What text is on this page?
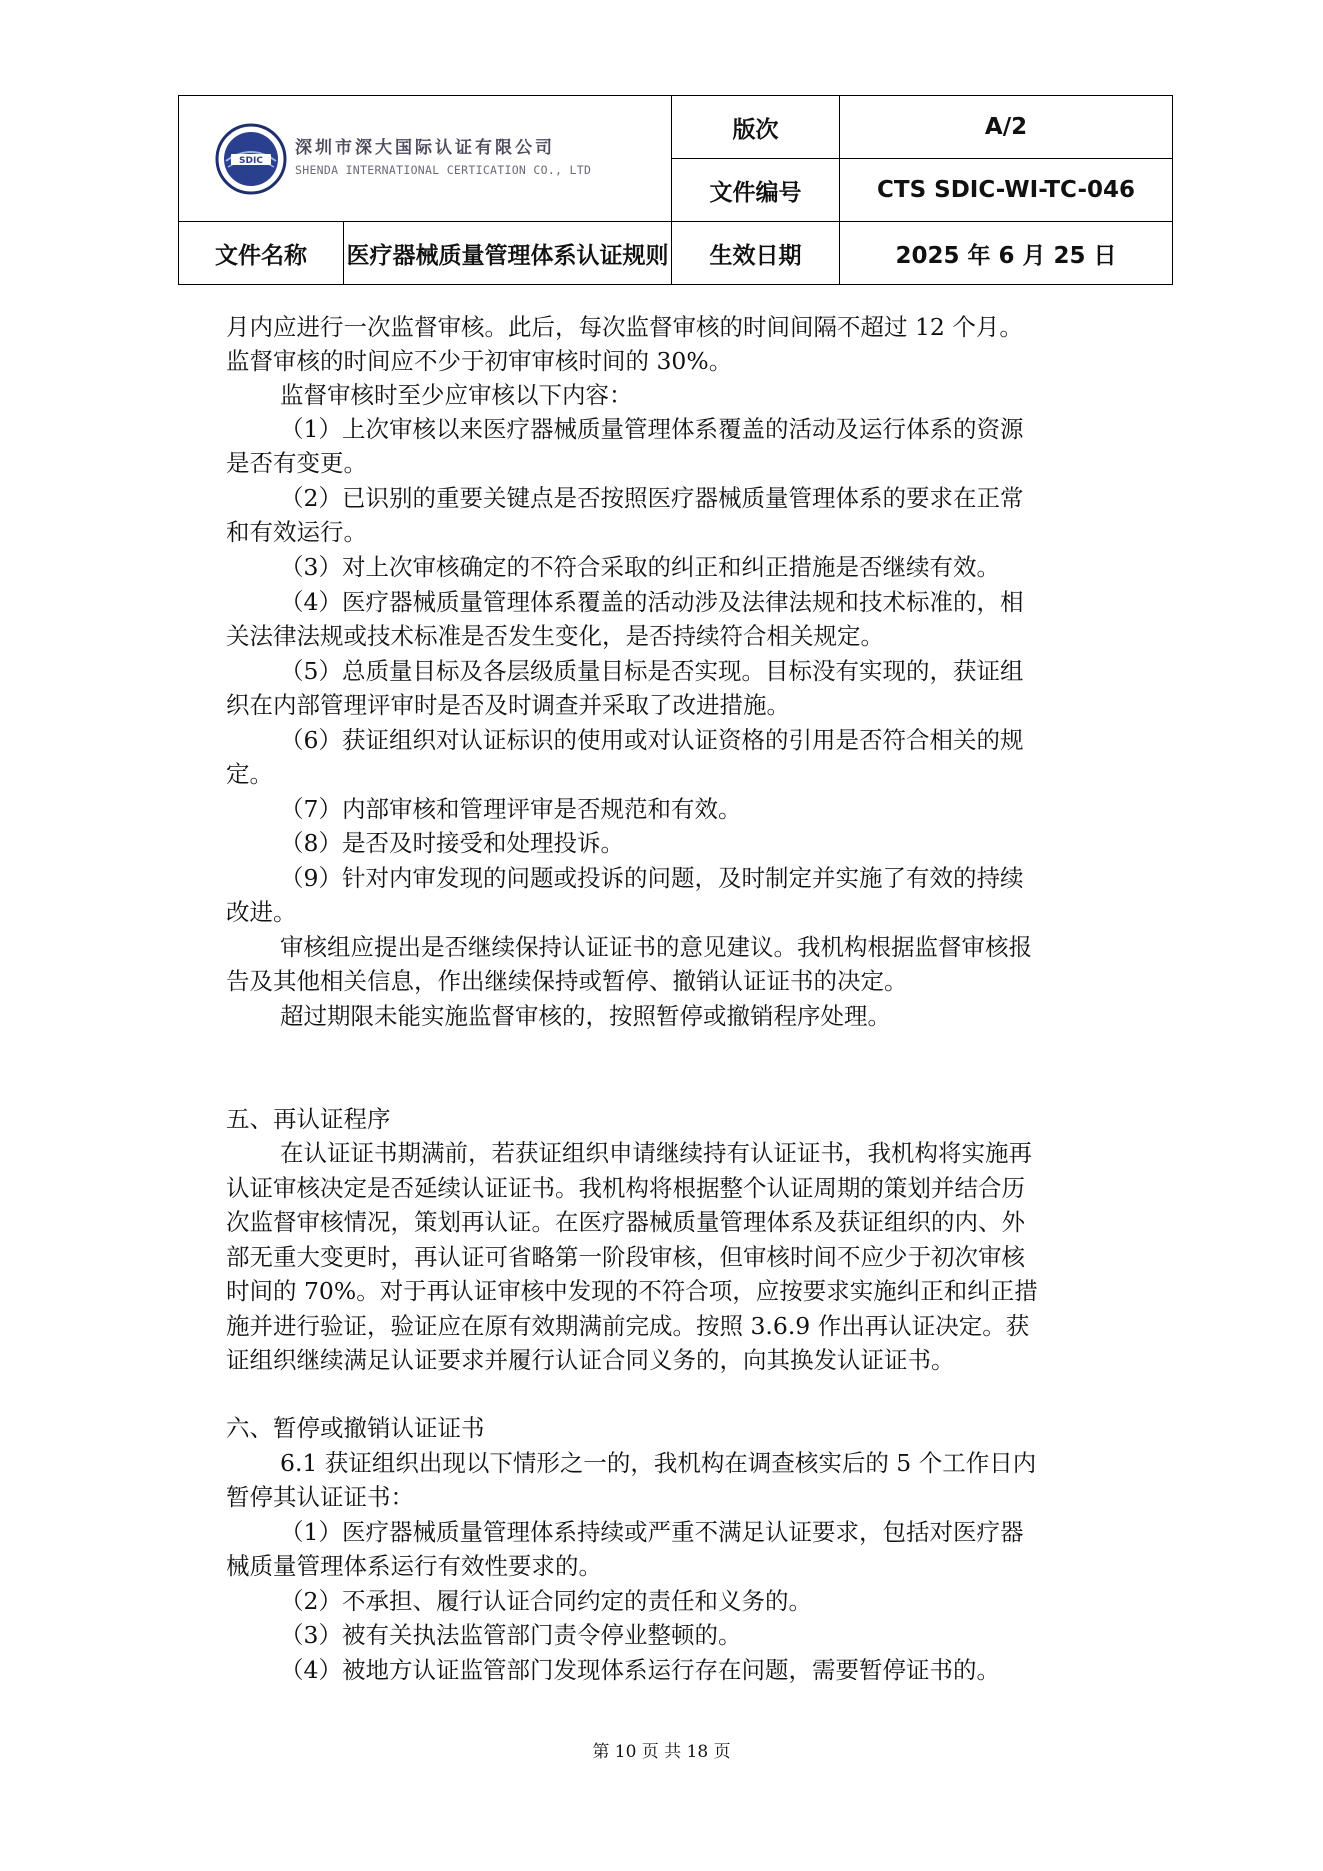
SDIC
深圳市深大国际认证有限公司
SHENDA INTERNATIONAL CERTICATION CO., LTD		版次	A/2
		文件编号	CTS SDIC-WI-TC-046
文件名称	医疗器械质量管理体系认证规则	生效日期	2025 年 6 月 25 日
月内应进行一次监督审核。此后，每次监督审核的时间间隔不超过 12 个月。
监督审核的时间应不少于初审审核时间的 30%。
监督审核时至少应审核以下内容：
（1）上次审核以来医疗器械质量管理体系覆盖的活动及运行体系的资源
是否有变更。
（2）已识别的重要关键点是否按照医疗器械质量管理体系的要求在正常
和有效运行。
（3）对上次审核确定的不符合采取的纠正和纠正措施是否继续有效。
（4）医疗器械质量管理体系覆盖的活动涉及法律法规和技术标准的，相
关法律法规或技术标准是否发生变化，是否持续符合相关规定。
（5）总质量目标及各层级质量目标是否实现。目标没有实现的，获证组
织在内部管理评审时是否及时调查并采取了改进措施。
（6）获证组织对认证标识的使用或对认证资格的引用是否符合相关的规
定。
（7）内部审核和管理评审是否规范和有效。
（8）是否及时接受和处理投诉。
（9）针对内审发现的问题或投诉的问题，及时制定并实施了有效的持续
改进。
审核组应提出是否继续保持认证证书的意见建议。我机构根据监督审核报
告及其他相关信息，作出继续保持或暂停、撤销认证证书的决定。
超过期限未能实施监督审核的，按照暂停或撤销程序处理。
五、再认证程序
在认证证书期满前，若获证组织申请继续持有认证证书，我机构将实施再
认证审核决定是否延续认证证书。我机构将根据整个认证周期的策划并结合历
次监督审核情况，策划再认证。在医疗器械质量管理体系及获证组织的内、外
部无重大变更时，再认证可省略第一阶段审核，但审核时间不应少于初次审核
时间的 70%。对于再认证审核中发现的不符合项，应按要求实施纠正和纠正措
施并进行验证，验证应在原有效期满前完成。按照 3.6.9 作出再认证决定。获
证组织继续满足认证要求并履行认证合同义务的，向其换发认证证书。
六、暂停或撤销认证证书
6.1 获证组织出现以下情形之一的，我机构在调查核实后的 5 个工作日内
暂停其认证证书：
（1）医疗器械质量管理体系持续或严重不满足认证要求，包括对医疗器
械质量管理体系运行有效性要求的。
（2）不承担、履行认证合同约定的责任和义务的。
（3）被有关执法监管部门责令停业整顿的。
（4）被地方认证监管部门发现体系运行存在问题，需要暂停证书的。
第 10 页 共 18 页
